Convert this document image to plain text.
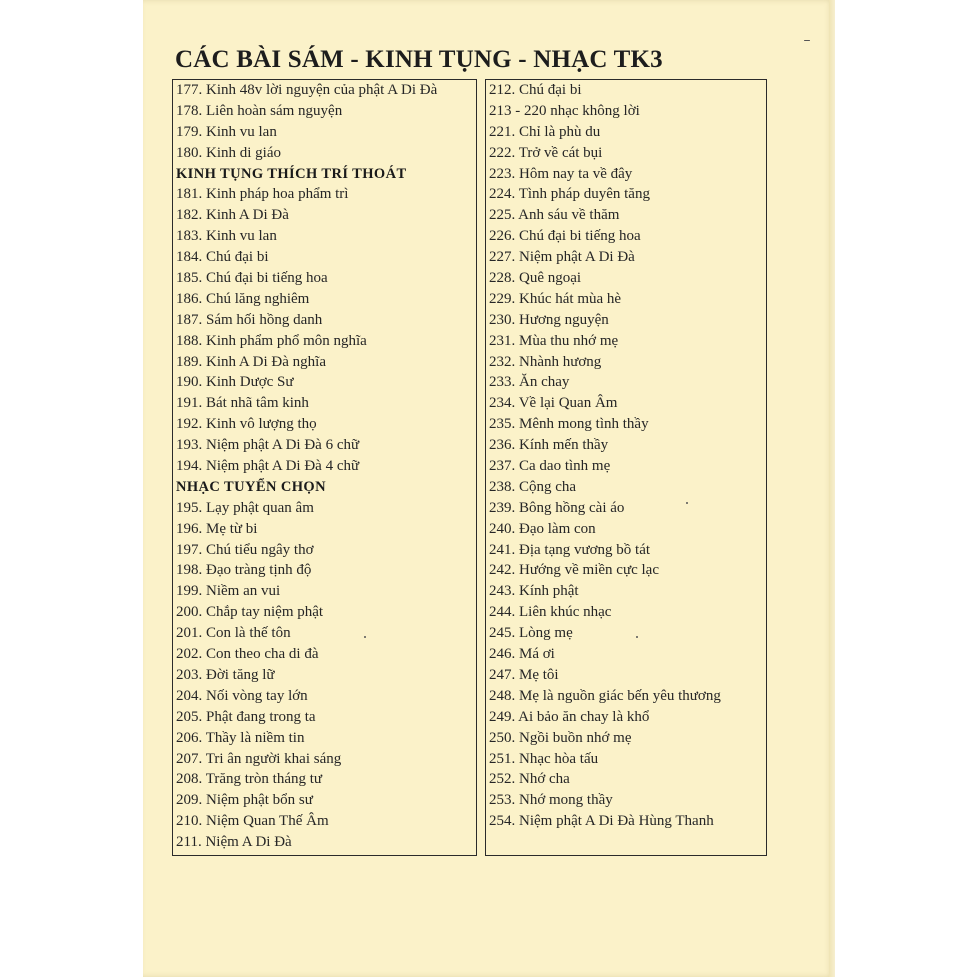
CÁC BÀI SÁM - KINH TỤNG - NHẠC TK3
177. Kinh 48v lời nguyện của phật A Di Đà
178. Liên hoàn sám nguyện
179. Kinh vu lan
180. Kinh di giáo
KINH TỤNG THÍCH TRÍ THOÁT
181. Kinh pháp hoa phẩm trì
182. Kinh A Di Đà
183. Kinh vu lan
184. Chú đại bi
185. Chú đại bi tiếng hoa
186. Chú lăng nghiêm
187. Sám hối hồng danh
188. Kinh phẩm phổ môn nghĩa
189. Kinh A Di Đà nghĩa
190. Kinh Dược Sư
191. Bát nhã tâm kinh
192. Kinh vô lượng thọ
193. Niệm phật A Di Đà 6 chữ
194. Niệm phật A Di Đà 4 chữ
NHẠC TUYỂN CHỌN
195. Lạy phật quan âm
196. Mẹ từ bi
197. Chú tiểu ngây thơ
198. Đạo tràng tịnh độ
199. Niềm an vui
200. Chắp tay niệm phật
201. Con là thế tôn
202. Con theo cha di đà
203. Đời tăng lữ
204. Nối vòng tay lớn
205. Phật đang trong ta
206. Thầy là niềm tin
207. Tri ân người khai sáng
208. Trăng tròn tháng tư
209. Niệm phật bổn sư
210. Niệm Quan Thế Âm
211. Niệm A Di Đà
212. Chú đại bi
213 - 220 nhạc không lời
221. Chỉ là phù du
222. Trở về cát bụi
223. Hôm nay ta về đây
224. Tình pháp duyên tăng
225. Anh sáu về thăm
226. Chú đại bi tiếng hoa
227. Niệm phật A Di Đà
228. Quê ngoại
229. Khúc hát mùa hè
230. Hương nguyện
231. Mùa thu nhớ mẹ
232. Nhành hương
233. Ăn chay
234. Về lại Quan Âm
235. Mênh mong tình thầy
236. Kính mến thầy
237. Ca dao tình mẹ
238. Cộng cha
239. Bông hồng cài áo
240. Đạo làm con
241. Địa tạng vương bồ tát
242. Hướng về miền cực lạc
243. Kính phật
244. Liên khúc nhạc
245. Lòng mẹ
246. Má ơi
247. Mẹ tôi
248. Mẹ là nguồn giác bến yêu thương
249. Ai bảo ăn chay là khổ
250. Ngồi buồn nhớ mẹ
251. Nhạc hòa tấu
252. Nhớ cha
253. Nhớ mong thầy
254. Niệm phật A Di Đà Hùng Thanh
